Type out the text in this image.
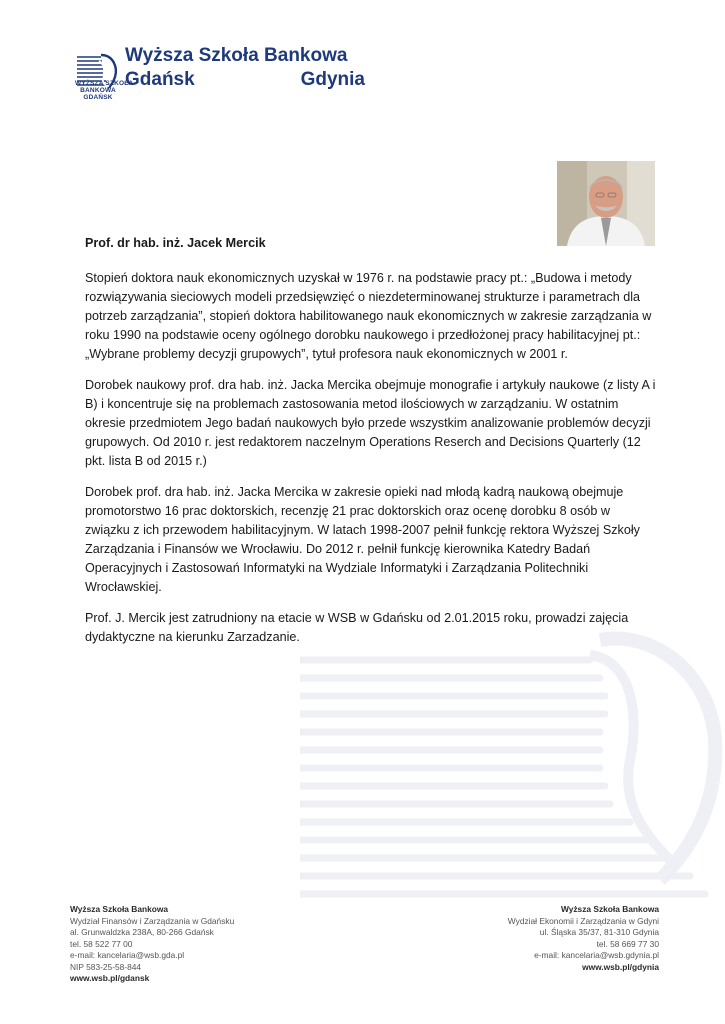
WYŻSZA SZKOŁA
BANKOWA
GDAŃSK
Wyższa Szkoła Bankowa
Gdańsk	Gdynia

Prof. dr hab. inż. Jacek Mercik

Stopień doktora nauk ekonomicznych uzyskał w 1976 r. na podstawie pracy pt.: „Budowa i metody rozwiązywania sieciowych modeli przedsięwzięć o niezdeterminowanej strukturze i parametrach dla potrzeb zarządzania”, stopień doktora habilitowanego nauk ekonomicznych w zakresie zarządzania w roku 1990 na podstawie oceny ogólnego dorobku naukowego i przedłożonej pracy habilitacyjnej pt.: „Wybrane problemy decyzji grupowych”, tytuł profesora nauk ekonomicznych w 2001 r.

Dorobek naukowy prof. dra hab. inż. Jacka Mercika obejmuje monografie i artykuły naukowe (z listy A i B) i koncentruje się na problemach zastosowania metod ilościowych w zarządzaniu. W ostatnim okresie przedmiotem Jego badań naukowych było przede wszystkim analizowanie problemów decyzji grupowych. Od 2010 r. jest redaktorem naczelnym Operations Reserch and Decisions Quarterly (12 pkt. lista B od 2015 r.)

Dorobek prof. dra hab. inż. Jacka Mercika w zakresie opieki nad młodą kadrą naukową obejmuje promotorstwo 16 prac doktorskich, recenzję 21 prac doktorskich oraz ocenę dorobku 8 osób w związku z ich przewodem habilitacyjnym. W latach 1998-2007 pełnił funkcję rektora Wyższej Szkoły Zarządzania i Finansów we Wrocławiu. Do 2012 r. pełnił funkcję kierownika Katedry Badań Operacyjnych i Zastosowań Informatyki na Wydziale Informatyki i Zarządzania Politechniki Wrocławskiej.

Prof. J. Mercik jest zatrudniony na etacie w WSB w Gdańsku od 2.01.2015 roku, prowadzi zajęcia dydaktyczne na kierunku Zarzadzanie.

Wyższa Szkoła Bankowa
Wydział Finansów i Zarządzania w Gdańsku
al. Grunwaldzka 238A, 80-266 Gdańsk
tel. 58 522 77 00
e-mail: kancelaria@wsb.gda.pl
NIP 583-25-58-844
www.wsb.pl/gdansk
Wyższa Szkoła Bankowa
Wydział Ekonomii i Zarządzania w Gdyni
ul. Śląska 35/37, 81-310 Gdynia
tel. 58 669 77 30
e-mail: kancelaria@wsb.gdynia.pl
www.wsb.pl/gdynia
